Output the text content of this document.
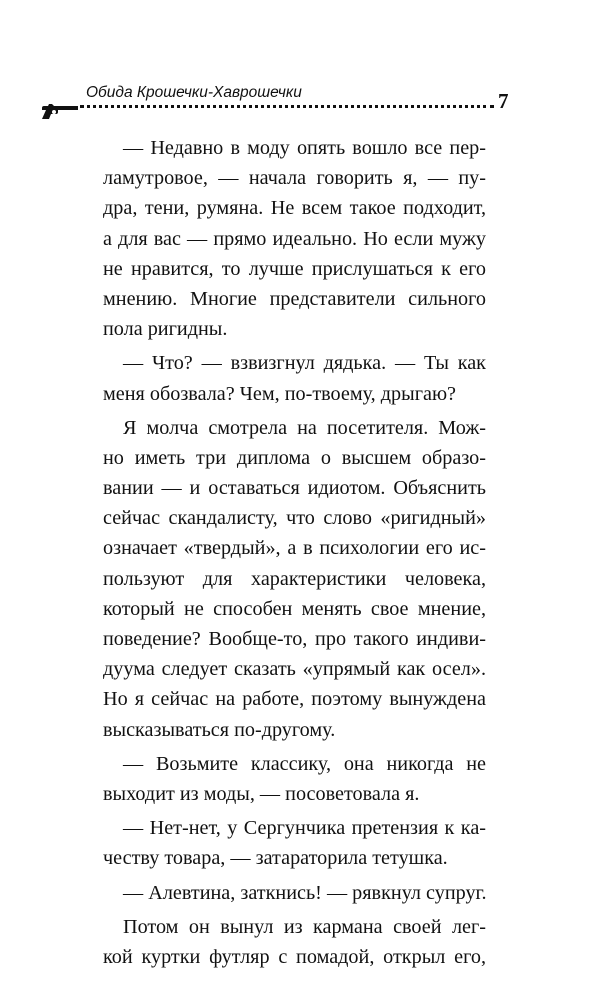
Обида Крошечки-Хаврошечки	7
— Недавно в моду опять вошло все пер-
ламутровое, — начала говорить я, — пу-
дра, тени, румяна. Не всем такое подходит,
а для вас — прямо идеально. Но если мужу
не нравится, то лучше прислушаться к его
мнению. Многие представители сильного
пола ригидны.
— Что? — взвизгнул дядька. — Ты как
меня обозвала? Чем, по-твоему, дрыгаю?
Я молча смотрела на посетителя. Мож-
но иметь три диплома о высшем образо-
вании — и оставаться идиотом. Объяснить
сейчас скандалисту, что слово «ригидный»
означает «твердый», а в психологии его ис-
пользуют для характеристики человека,
который не способен менять свое мнение,
поведение? Вообще-то, про такого индиви-
дуума следует сказать «упрямый как осел».
Но я сейчас на работе, поэтому вынуждена
высказываться по-другому.
— Возьмите классику, она никогда не
выходит из моды, — посоветовала я.
— Нет-нет, у Сергунчика претензия к ка-
честву товара, — затараторила тетушка.
— Алевтина, заткнись! — рявкнул супруг.
Потом он вынул из кармана своей лег-
кой куртки футляр с помадой, открыл его,
